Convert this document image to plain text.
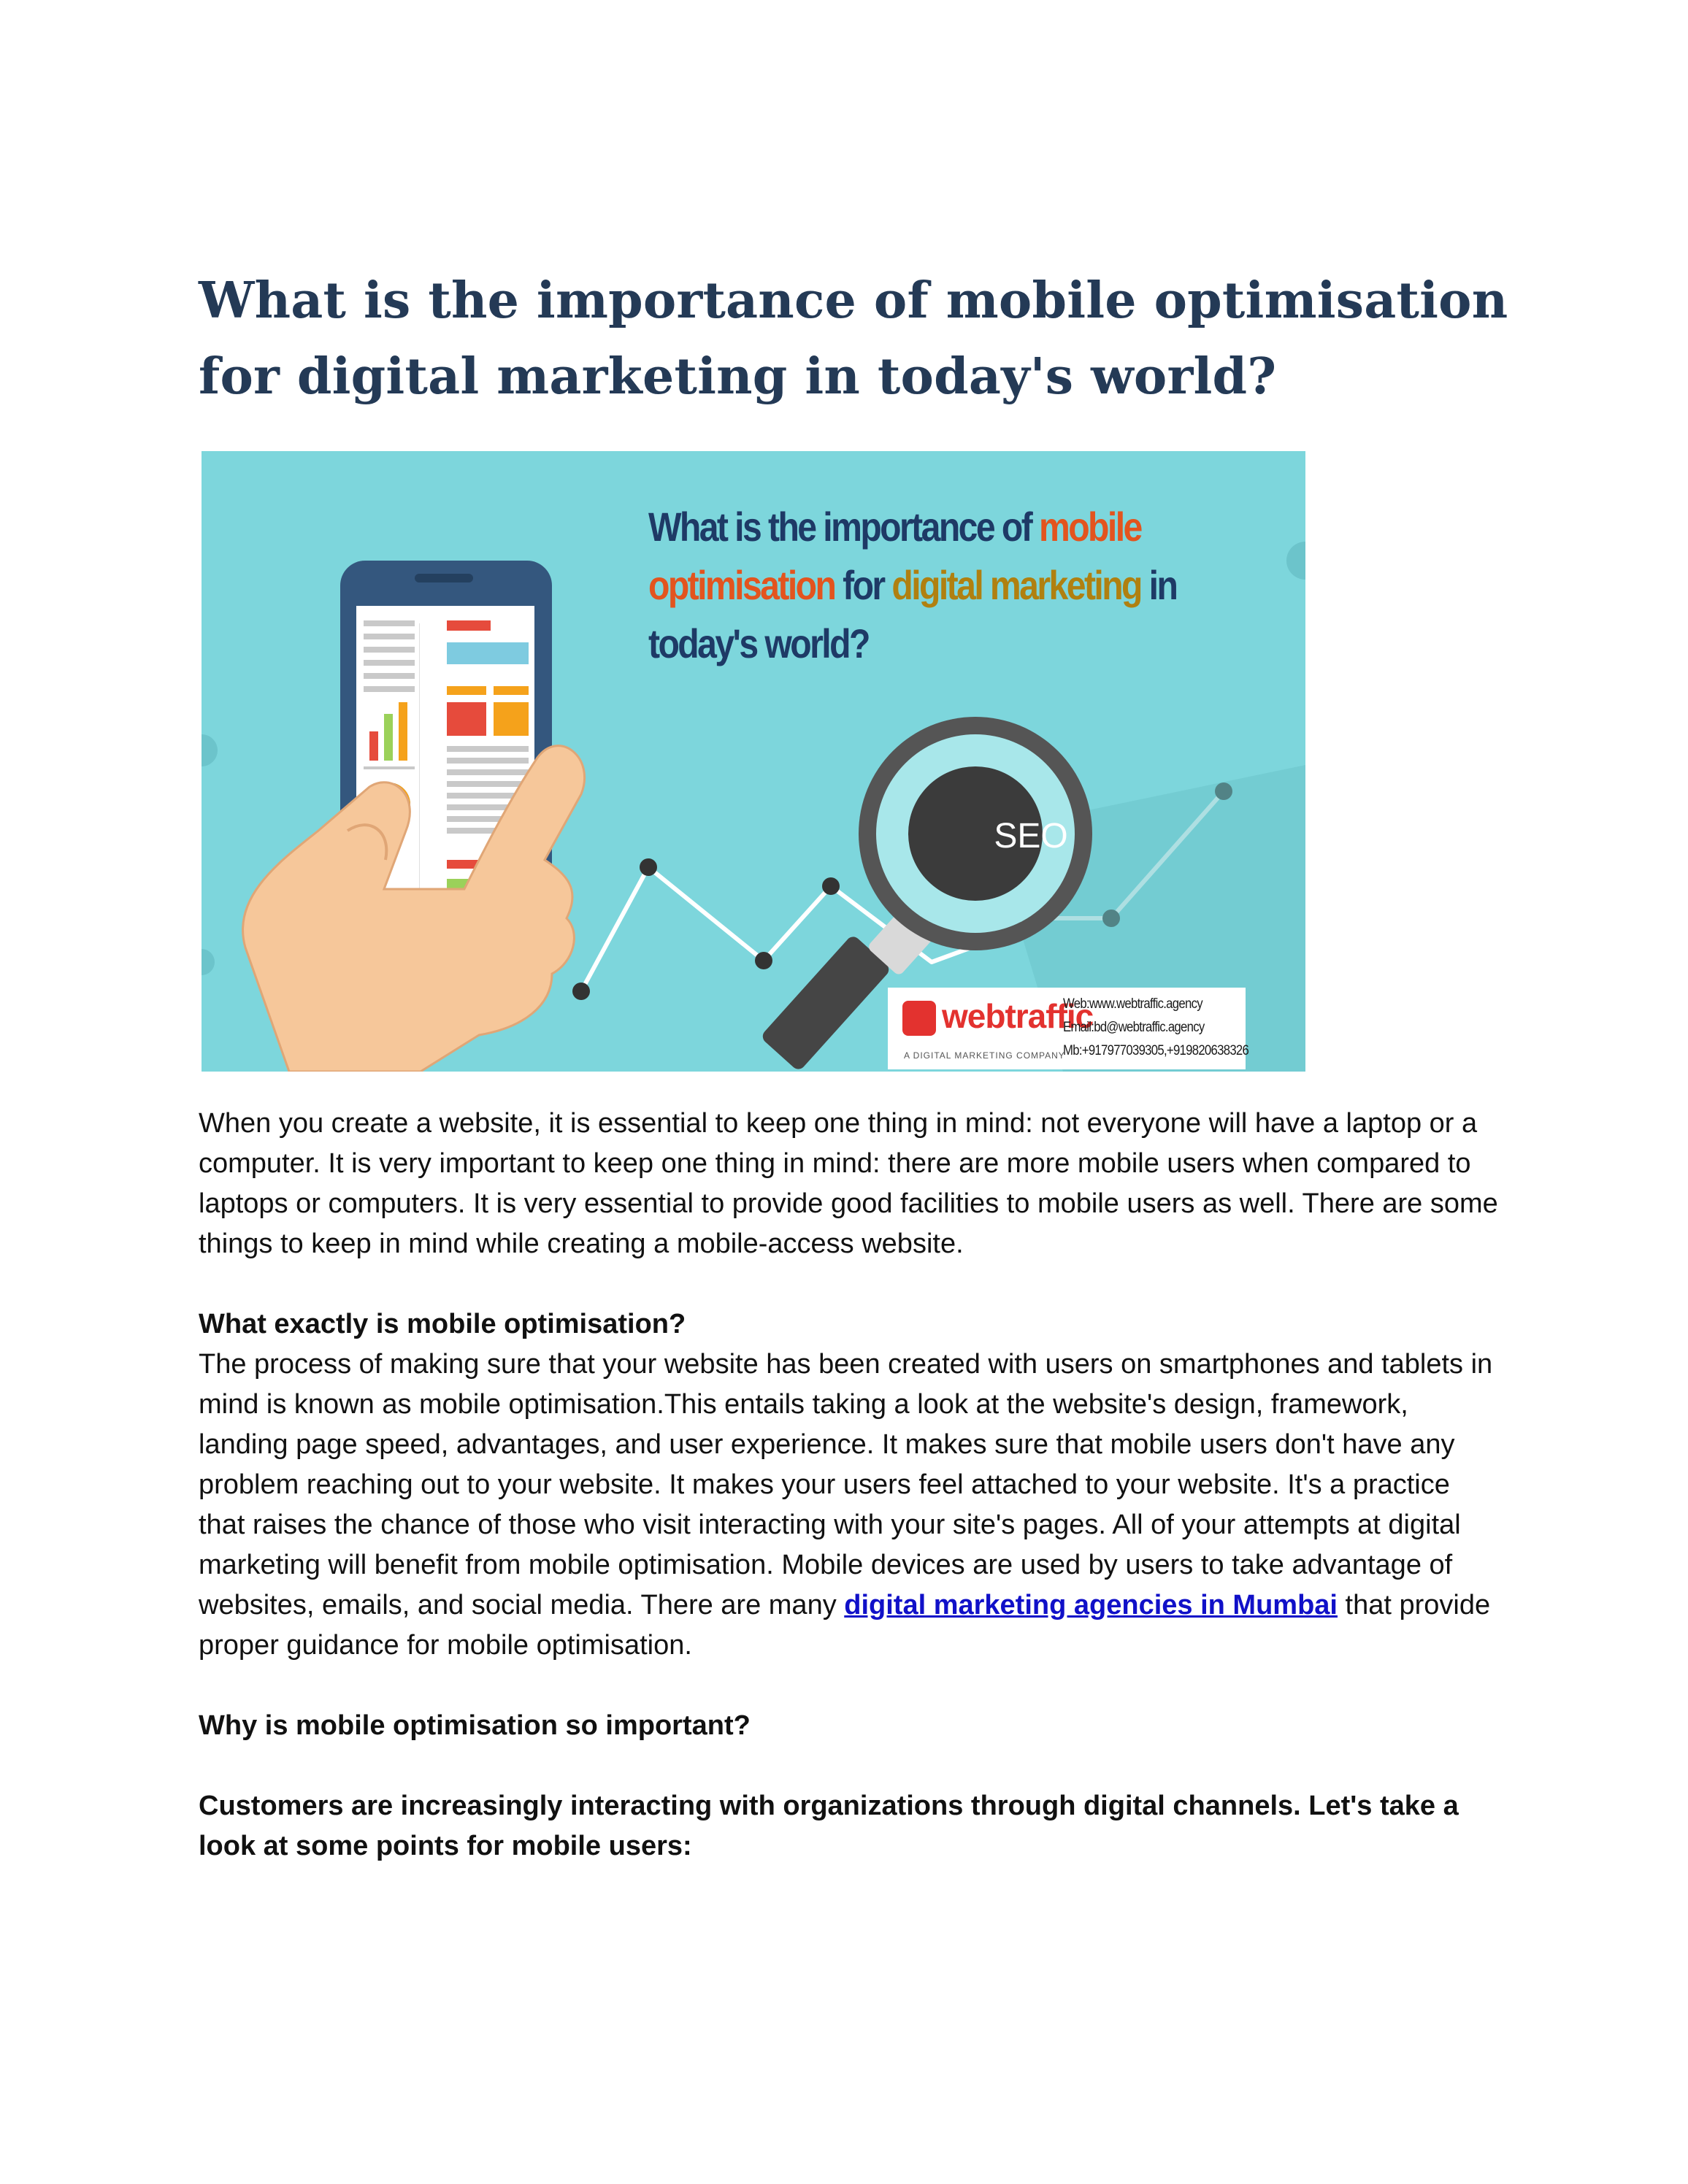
What is the importance of mobile optimisation for digital marketing in today's world?
What is the importance of mobile optimisation for digital marketing in today's world?
SEO
webtraffic
A DIGITAL MARKETING COMPANY
Web:www.webtraffic.agency
Email:bd@webtraffic.agency
Mb:+917977039305,+919820638326

When you create a website, it is essential to keep one thing in mind: not everyone will have a laptop or a computer. It is very important to keep one thing in mind: there are more mobile users when compared to laptops or computers. It is very essential to provide good facilities to mobile users as well. There are some things to keep in mind while creating a mobile-access website.

What exactly is mobile optimisation?

The process of making sure that your website has been created with users on smartphones and tablets in mind is known as mobile optimisation.This entails taking a look at the website's design, framework, landing page speed, advantages, and user experience. It makes sure that mobile users don't have any problem reaching out to your website. It makes your users feel attached to your website. It's a practice that raises the chance of those who visit interacting with your site's pages. All of your attempts at digital marketing will benefit from mobile optimisation. Mobile devices are used by users to take advantage of websites, emails, and social media. There are many digital marketing agencies in Mumbai that provide proper guidance for mobile optimisation.

Why is mobile optimisation so important?

Customers are increasingly interacting with organizations through digital channels. Let's take a look at some points for mobile users:
